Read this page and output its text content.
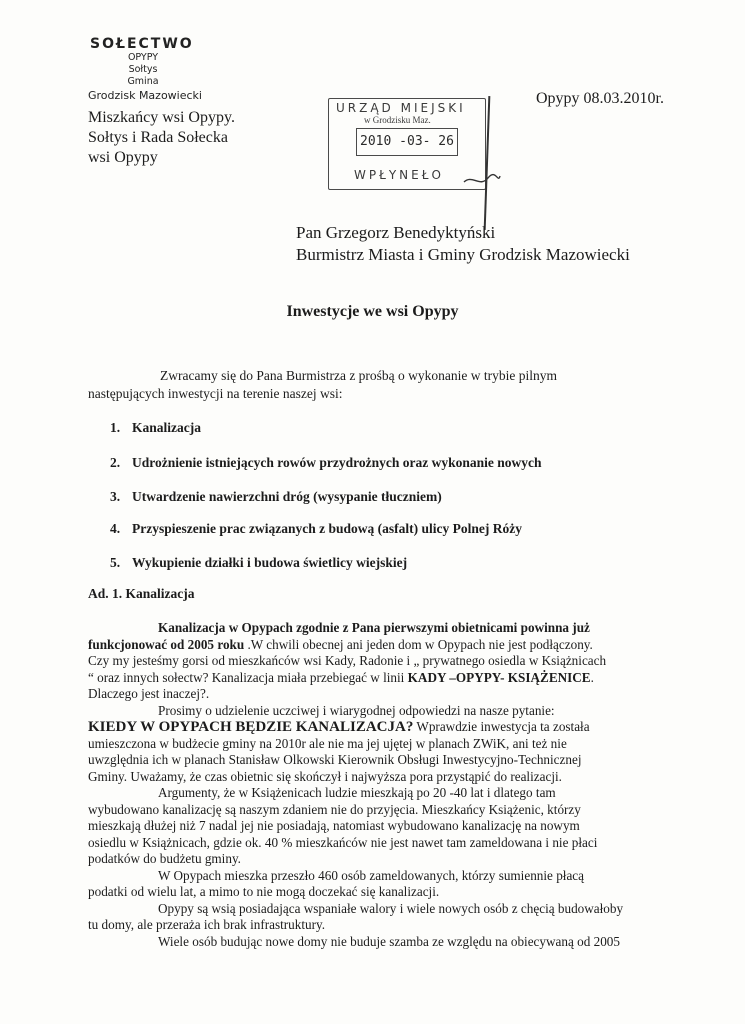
SOŁECTWO
OPYPY
Sołtys
Gmina
Grodzisk Mazowiecki
Miszkańcy wsi Opypy.
Sołtys i Rada Sołecka
wsi Opypy
Opypy 08.03.2010r.
URZĄD MIEJSKI
w Grodzisku Maz.
2010 -03- 26
WPŁYNEŁO
Pan Grzegorz Benedyktyński
Burmistrz Miasta i Gminy Grodzisk Mazowiecki
Inwestycje we wsi Opypy
Zwracamy się do Pana Burmistrza z prośbą o wykonanie w trybie pilnym
następujących inwestycji na terenie naszej wsi:
1. Kanalizacja
2. Udrożnienie istniejących rowów przydrożnych oraz wykonanie nowych
3. Utwardzenie nawierzchni dróg (wysypanie tłuczniem)
4. Przyspieszenie prac związanych z budową (asfalt) ulicy Polnej Róży
5. Wykupienie działki i budowa świetlicy wiejskiej
Ad. 1. Kanalizacja
Kanalizacja w Opypach zgodnie z Pana pierwszymi obietnicami powinna już
funkcjonować od 2005 roku .W chwili obecnej ani jeden dom w Opypach nie jest podłączony.
Czy my jesteśmy gorsi od mieszkańców wsi Kady, Radonie i „ prywatnego osiedla w Książnicach
“ oraz innych sołectw? Kanalizacja miała przebiegać w linii KADY –OPYPY- KSIĄŻENICE.
Dlaczego jest inaczej?.
Prosimy o udzielenie uczciwej i wiarygodnej odpowiedzi na nasze pytanie:
KIEDY W OPYPACH BĘDZIE KANALIZACJA? Wprawdzie inwestycja ta została
umieszczona w budżecie gminy na 2010r ale nie ma jej ujętej w planach ZWiK, ani też nie
uwzględnia ich w planach Stanisław Olkowski Kierownik Obsługi Inwestycyjno-Technicznej
Gminy. Uważamy, że czas obietnic się skończył i najwyższa pora przystąpić do realizacji.
Argumenty, że w Książenicach ludzie mieszkają po 20 -40 lat i dlatego tam
wybudowano kanalizację są naszym zdaniem nie do przyjęcia. Mieszkańcy Książenic, którzy
mieszkają dłużej niż 7 nadal jej nie posiadają, natomiast wybudowano kanalizację na nowym
osiedlu w Książnicach, gdzie ok. 40 % mieszkańców nie jest nawet tam zameldowana i nie płaci
podatków do budżetu gminy.
W Opypach mieszka przeszło 460 osób zameldowanych, którzy sumiennie płacą
podatki od wielu lat, a mimo to nie mogą doczekać się kanalizacji.
Opypy są wsią posiadająca wspaniałe walory i wiele nowych osób z chęcią budowałoby
tu domy, ale przeraża ich brak infrastruktury.
Wiele osób budując nowe domy nie buduje szamba ze względu na obiecywaną od 2005
